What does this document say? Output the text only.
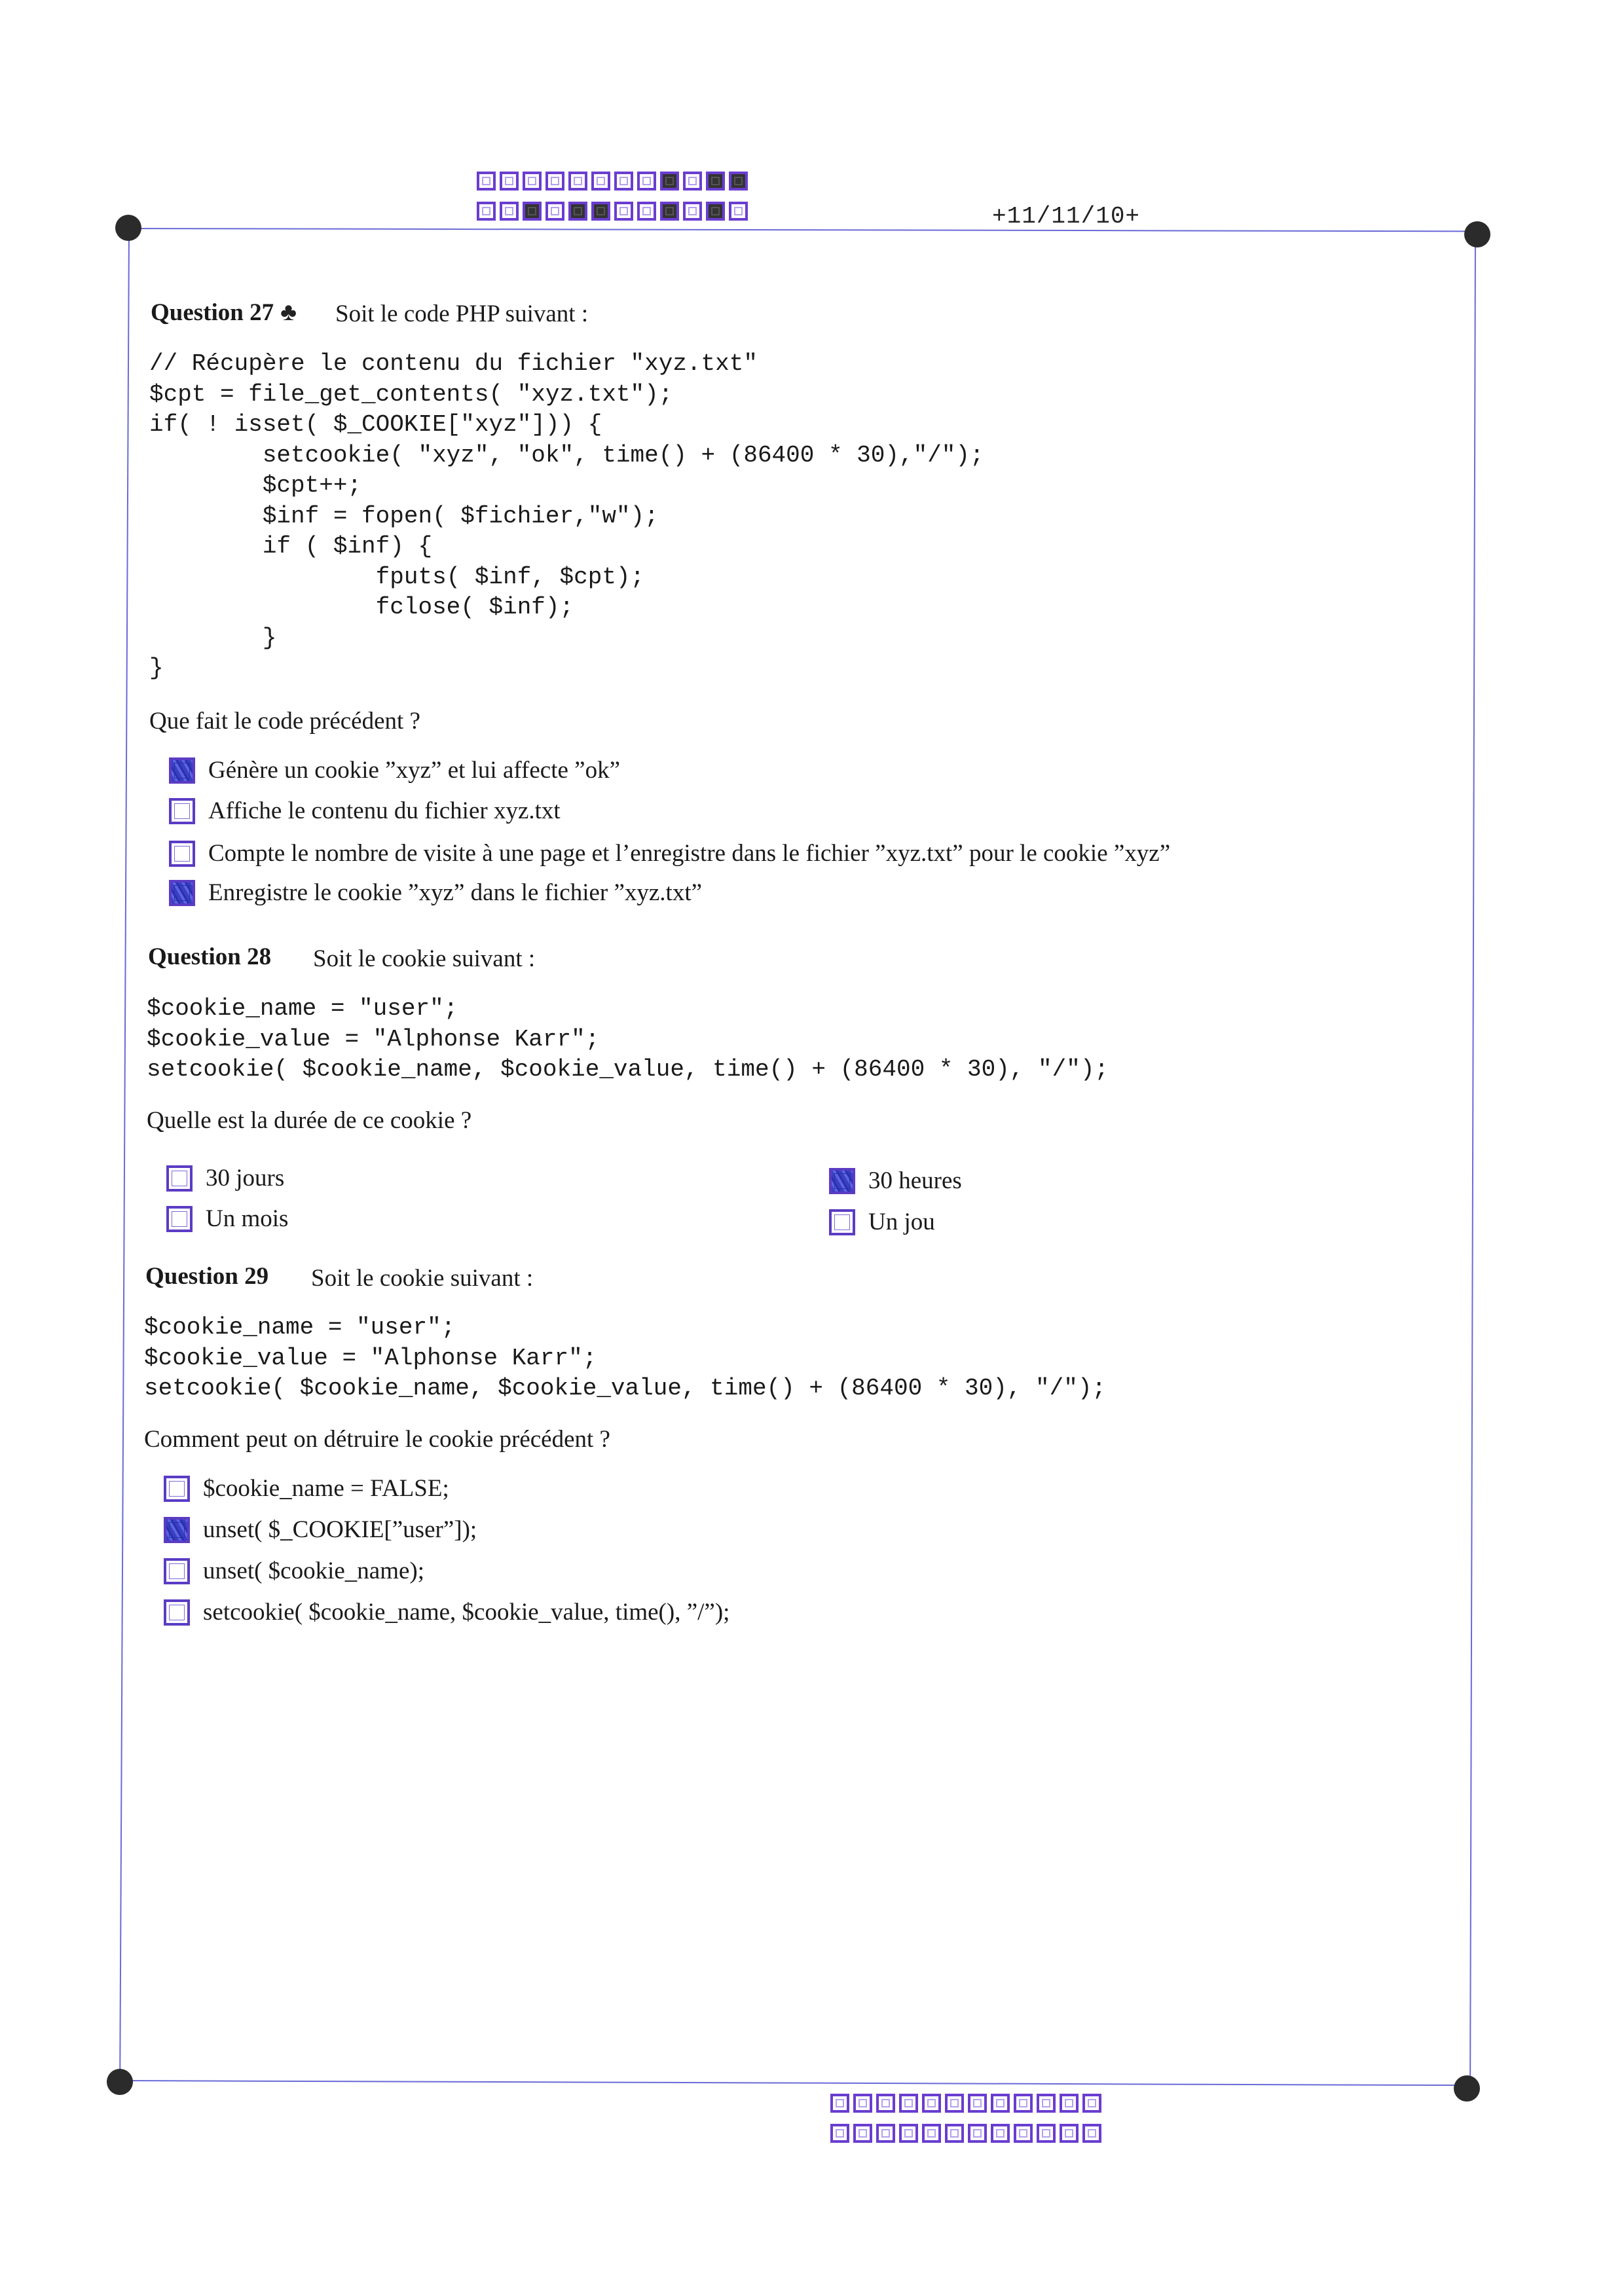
+11/11/10+
Question 27 ♣ Soit le code PHP suivant :
// Récupère le contenu du fichier "xyz.txt"
$cpt = file_get_contents( "xyz.txt");
if( ! isset( $_COOKIE["xyz"])) {
setcookie( "xyz", "ok", time() + (86400 * 30),"/");
$cpt++;
$inf = fopen( $fichier,"w");
if ( $inf) {
fputs( $inf, $cpt);
fclose( $inf);
}
}
Que fait le code précédent ?
Génère un cookie ”xyz” et lui affecte ”ok”
Affiche le contenu du fichier xyz.txt
Compte le nombre de visite à une page et l’enregistre dans le fichier ”xyz.txt” pour le cookie ”xyz”
Enregistre le cookie ”xyz” dans le fichier ”xyz.txt”
Question 28 Soit le cookie suivant :
$cookie_name = "user";
$cookie_value = "Alphonse Karr";
setcookie( $cookie_name, $cookie_value, time() + (86400 * 30), "/");
Quelle est la durée de ce cookie ?
30 jours
Un mois
30 heures
Un jou
Question 29 Soit le cookie suivant :
$cookie_name = "user";
$cookie_value = "Alphonse Karr";
setcookie( $cookie_name, $cookie_value, time() + (86400 * 30), "/");
Comment peut on détruire le cookie précédent ?
$cookie_name = FALSE;
unset( $_COOKIE[”user”]);
unset( $cookie_name);
setcookie( $cookie_name, $cookie_value, time(), ”/”);
